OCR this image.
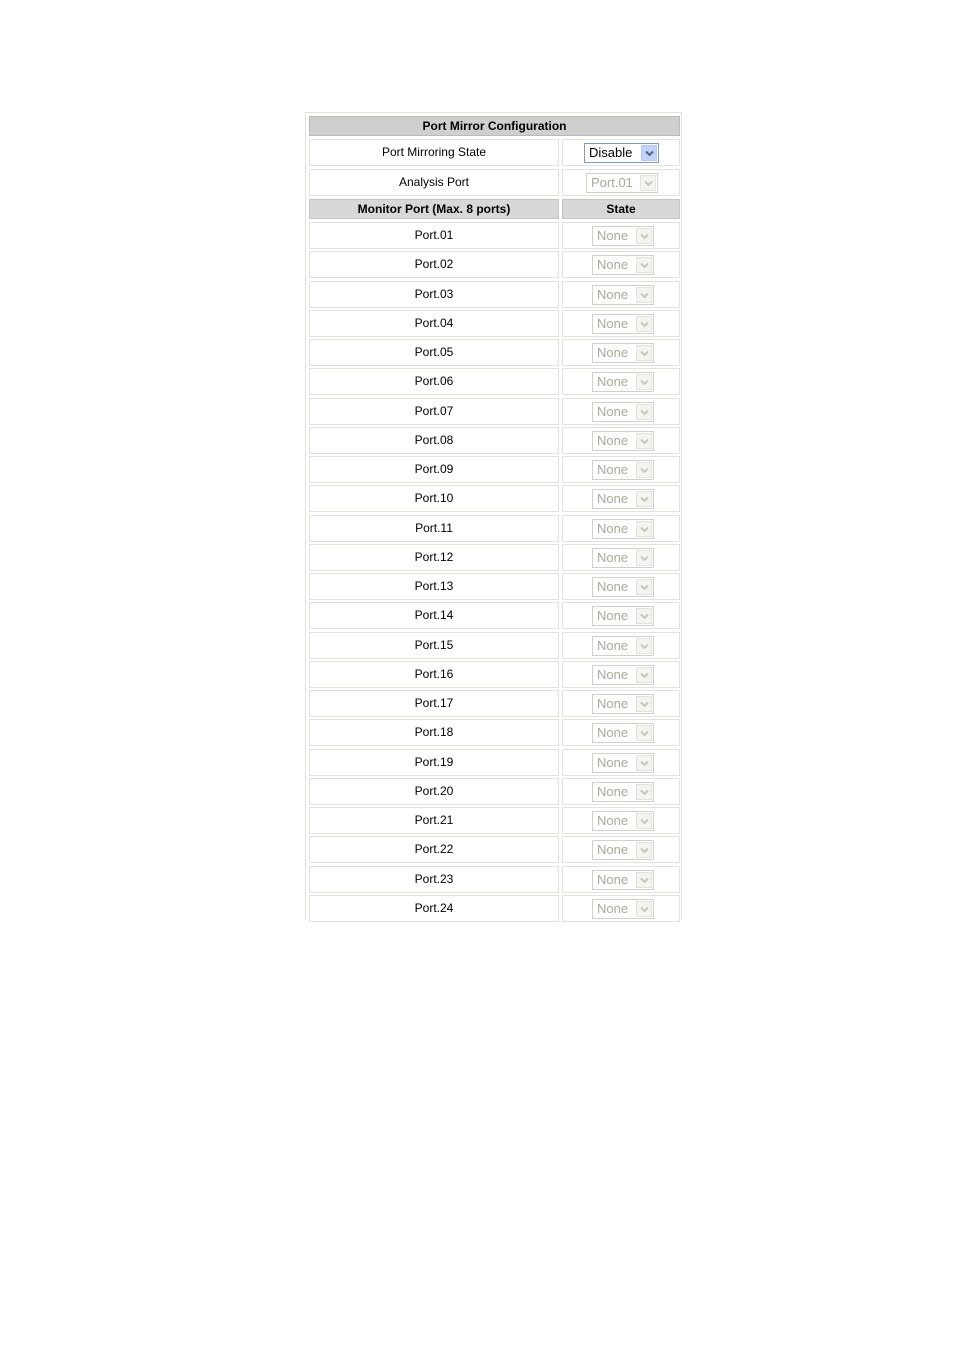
Port Mirror Configuration
Port Mirroring State	Disable
Analysis Port	Port.01
Monitor Port (Max. 8 ports)	State
Port.01	None
Port.02	None
Port.03	None
Port.04	None
Port.05	None
Port.06	None
Port.07	None
Port.08	None
Port.09	None
Port.10	None
Port.11	None
Port.12	None
Port.13	None
Port.14	None
Port.15	None
Port.16	None
Port.17	None
Port.18	None
Port.19	None
Port.20	None
Port.21	None
Port.22	None
Port.23	None
Port.24	None
